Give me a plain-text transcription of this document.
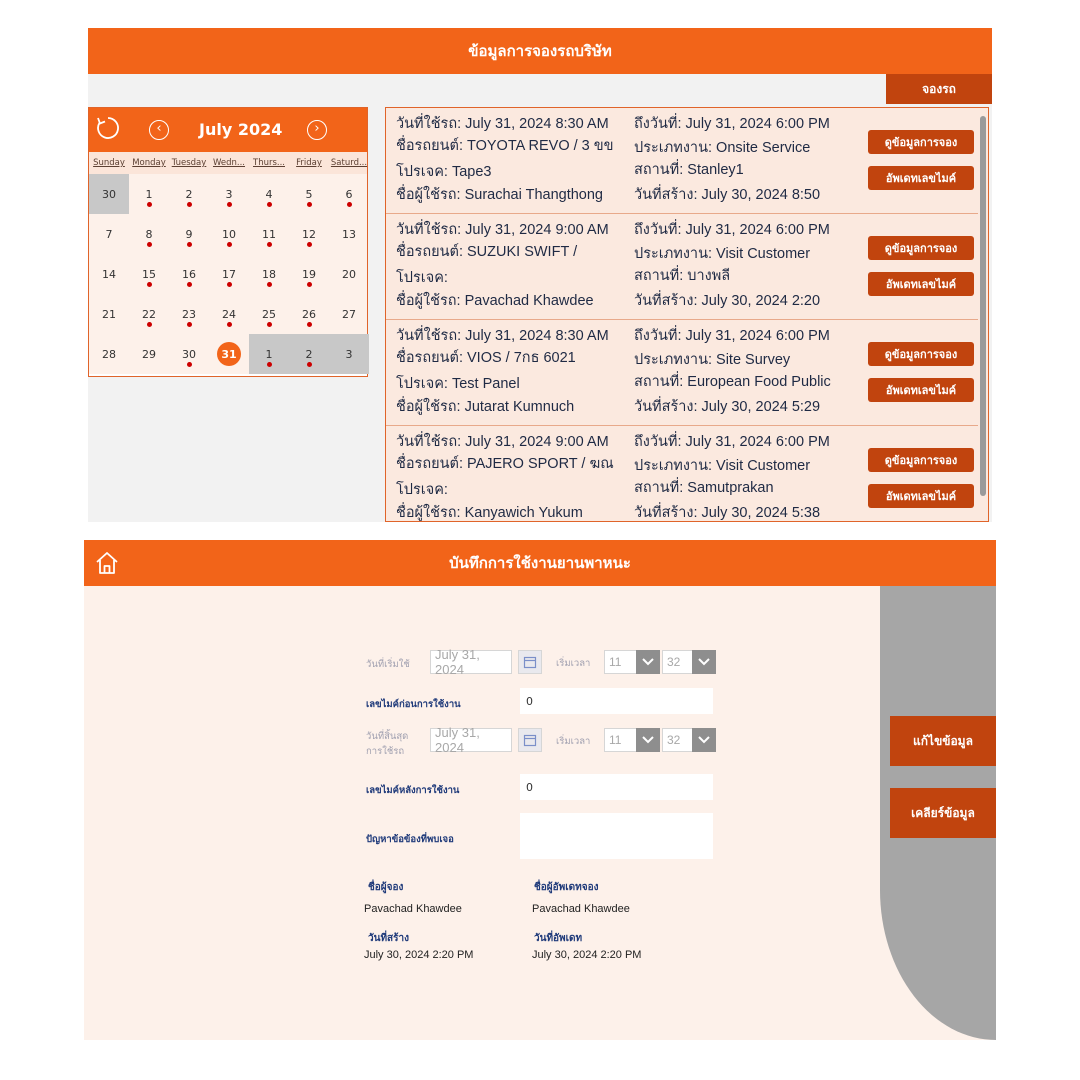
ข้อมูลการจองรถบริษัท
จองรถ
‹	July 2024	›
Sunday Monday Tuesday Wedn... Thurs...	Friday	Saturd...
30	1	2	3	4	5	6
7	8	9	10 11 12 13
14 15 16 17 18 19 20
21 22 23 24 25 26 27
28 29 30	31	1	2	3
วันที่ใช้รถ: July 31, 2024 9:00 AM ถึงวันที่: July 31, 2024 6:00 PM
ชื่อรถยนต์: PAJERO SPORT / ฆณ ประเภทงาน: Visit Customer
โปรเจค:	สถานที่: Samutprakan
ชื่อผู้ใช้รถ: Kanyawich Yukum	วันที่สร้าง: July 30, 2024 5:38
ดูข้อมูลการจอง
อัพเดทเลขไมค์
วันที่ใช้รถ: July 31, 2024 8:30 AM ถึงวันที่: July 31, 2024 6:00 PM
ชื่อรถยนต์: VIOS / 7กธ 6021	ประเภทงาน: Site Survey
โปรเจค: Test Panel	สถานที่: European Food Public
ชื่อผู้ใช้รถ: Jutarat Kumnuch	วันที่สร้าง: July 30, 2024 5:29
ดูข้อมูลการจอง
อัพเดทเลขไมค์
วันที่ใช้รถ: July 31, 2024 9:00 AM ถึงวันที่: July 31, 2024 6:00 PM
ชื่อรถยนต์: SUZUKI SWIFT /	ประเภทงาน: Visit Customer
โปรเจค:	สถานที่: บางพลี
ชื่อผู้ใช้รถ: Pavachad Khawdee	วันที่สร้าง: July 30, 2024 2:20
ดูข้อมูลการจอง
อัพเดทเลขไมค์
วันที่ใช้รถ: July 31, 2024 8:30 AM ถึงวันที่: July 31, 2024 6:00 PM
ชื่อรถยนต์: TOYOTA REVO / 3 ขข ประเภทงาน: Onsite Service
โปรเจค: Tape3	สถานที่: Stanley1
ชื่อผู้ใช้รถ: Surachai Thangthong วันที่สร้าง: July 30, 2024 8:50
ดูข้อมูลการจอง
อัพเดทเลขไมค์
บันทึกการใช้งานยานพาหนะ
แก้ไขข้อมูล
เคลียร์ข้อมูล
วันที่เริ่มใช้
July 31, 2024	เริ่มเวลา	11	32
เลขไมค์ก่อนการใช้งาน	0
วันที่สิ้นสุด
การใช้รถ
July 31, 2024	เริ่มเวลา	11	32
เลขไมค์หลังการใช้งาน	0
ปัญหาข้อข้องที่พบเจอ
ชื่อผู้จอง
Pavachad Khawdee
ชื่อผู้อัพเดทจอง
Pavachad Khawdee
วันที่สร้าง
July 30, 2024 2:20 PM
วันที่อัพเดท
July 30, 2024 2:20 PM
